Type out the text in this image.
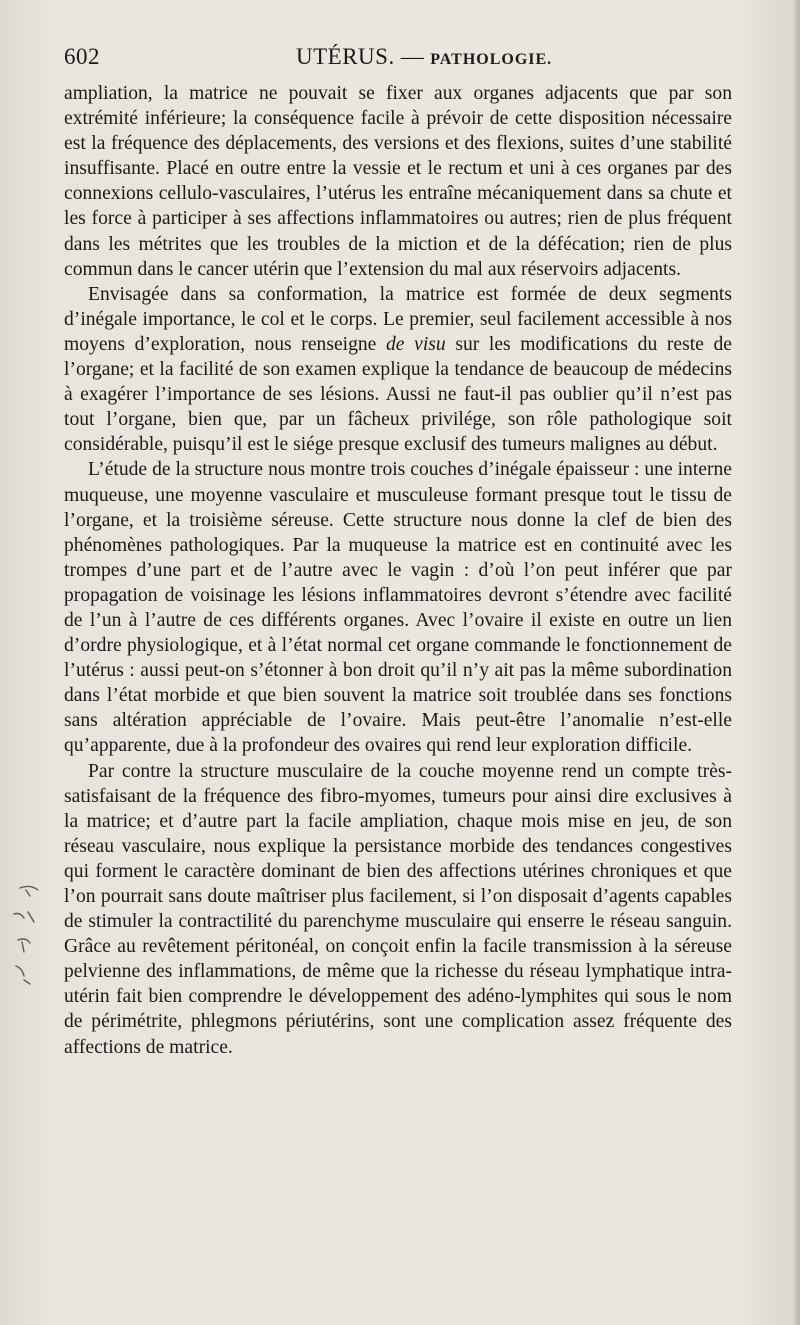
602	UTÉRUS. — PATHOLOGIE.

ampliation, la matrice ne pouvait se fixer aux organes adjacents que par son extrémité inférieure; la conséquence facile à prévoir de cette disposition nécessaire est la fréquence des déplacements, des versions et des flexions, suites d’une stabilité insuffisante. Placé en outre entre la vessie et le rectum et uni à ces organes par des connexions cellulo-vasculaires, l’utérus les entraîne mécaniquement dans sa chute et les force à participer à ses affections inflammatoires ou autres; rien de plus fréquent dans les métrites que les troubles de la miction et de la défécation; rien de plus commun dans le cancer utérin que l’extension du mal aux réservoirs adjacents.

Envisagée dans sa conformation, la matrice est formée de deux segments d’inégale importance, le col et le corps. Le premier, seul facilement accessible à nos moyens d’exploration, nous renseigne de visu sur les modifications du reste de l’organe; et la facilité de son examen explique la tendance de beaucoup de médecins à exagérer l’importance de ses lésions. Aussi ne faut-il pas oublier qu’il n’est pas tout l’organe, bien que, par un fâcheux privilége, son rôle pathologique soit considérable, puisqu’il est le siége presque exclusif des tumeurs malignes au début.

L’étude de la structure nous montre trois couches d’inégale épaisseur : une interne muqueuse, une moyenne vasculaire et musculeuse formant presque tout le tissu de l’organe, et la troisième séreuse. Cette structure nous donne la clef de bien des phénomènes pathologiques. Par la muqueuse la matrice est en continuité avec les trompes d’une part et de l’autre avec le vagin : d’où l’on peut inférer que par propagation de voisinage les lésions inflammatoires devront s’étendre avec facilité de l’un à l’autre de ces différents organes. Avec l’ovaire il existe en outre un lien d’ordre physiologique, et à l’état normal cet organe commande le fonctionnement de l’utérus : aussi peut-on s’étonner à bon droit qu’il n’y ait pas la même subordination dans l’état morbide et que bien souvent la matrice soit troublée dans ses fonctions sans altération appréciable de l’ovaire. Mais peut-être l’anomalie n’est-elle qu’apparente, due à la profondeur des ovaires qui rend leur exploration difficile.

Par contre la structure musculaire de la couche moyenne rend un compte très-satisfaisant de la fréquence des fibro-myomes, tumeurs pour ainsi dire exclusives à la matrice; et d’autre part la facile ampliation, chaque mois mise en jeu, de son réseau vasculaire, nous explique la persistance morbide des tendances congestives qui forment le caractère dominant de bien des affections utérines chroniques et que l’on pourrait sans doute maîtriser plus facilement, si l’on disposait d’agents capables de stimuler la contractilité du parenchyme musculaire qui enserre le réseau sanguin. Grâce au revêtement péritonéal, on conçoit enfin la facile transmission à la séreuse pelvienne des inflammations, de même que la richesse du réseau lymphatique intra-utérin fait bien comprendre le développement des adéno-lymphites qui sous le nom de périmétrite, phlegmons périutérins, sont une complication assez fréquente des affections de matrice.
